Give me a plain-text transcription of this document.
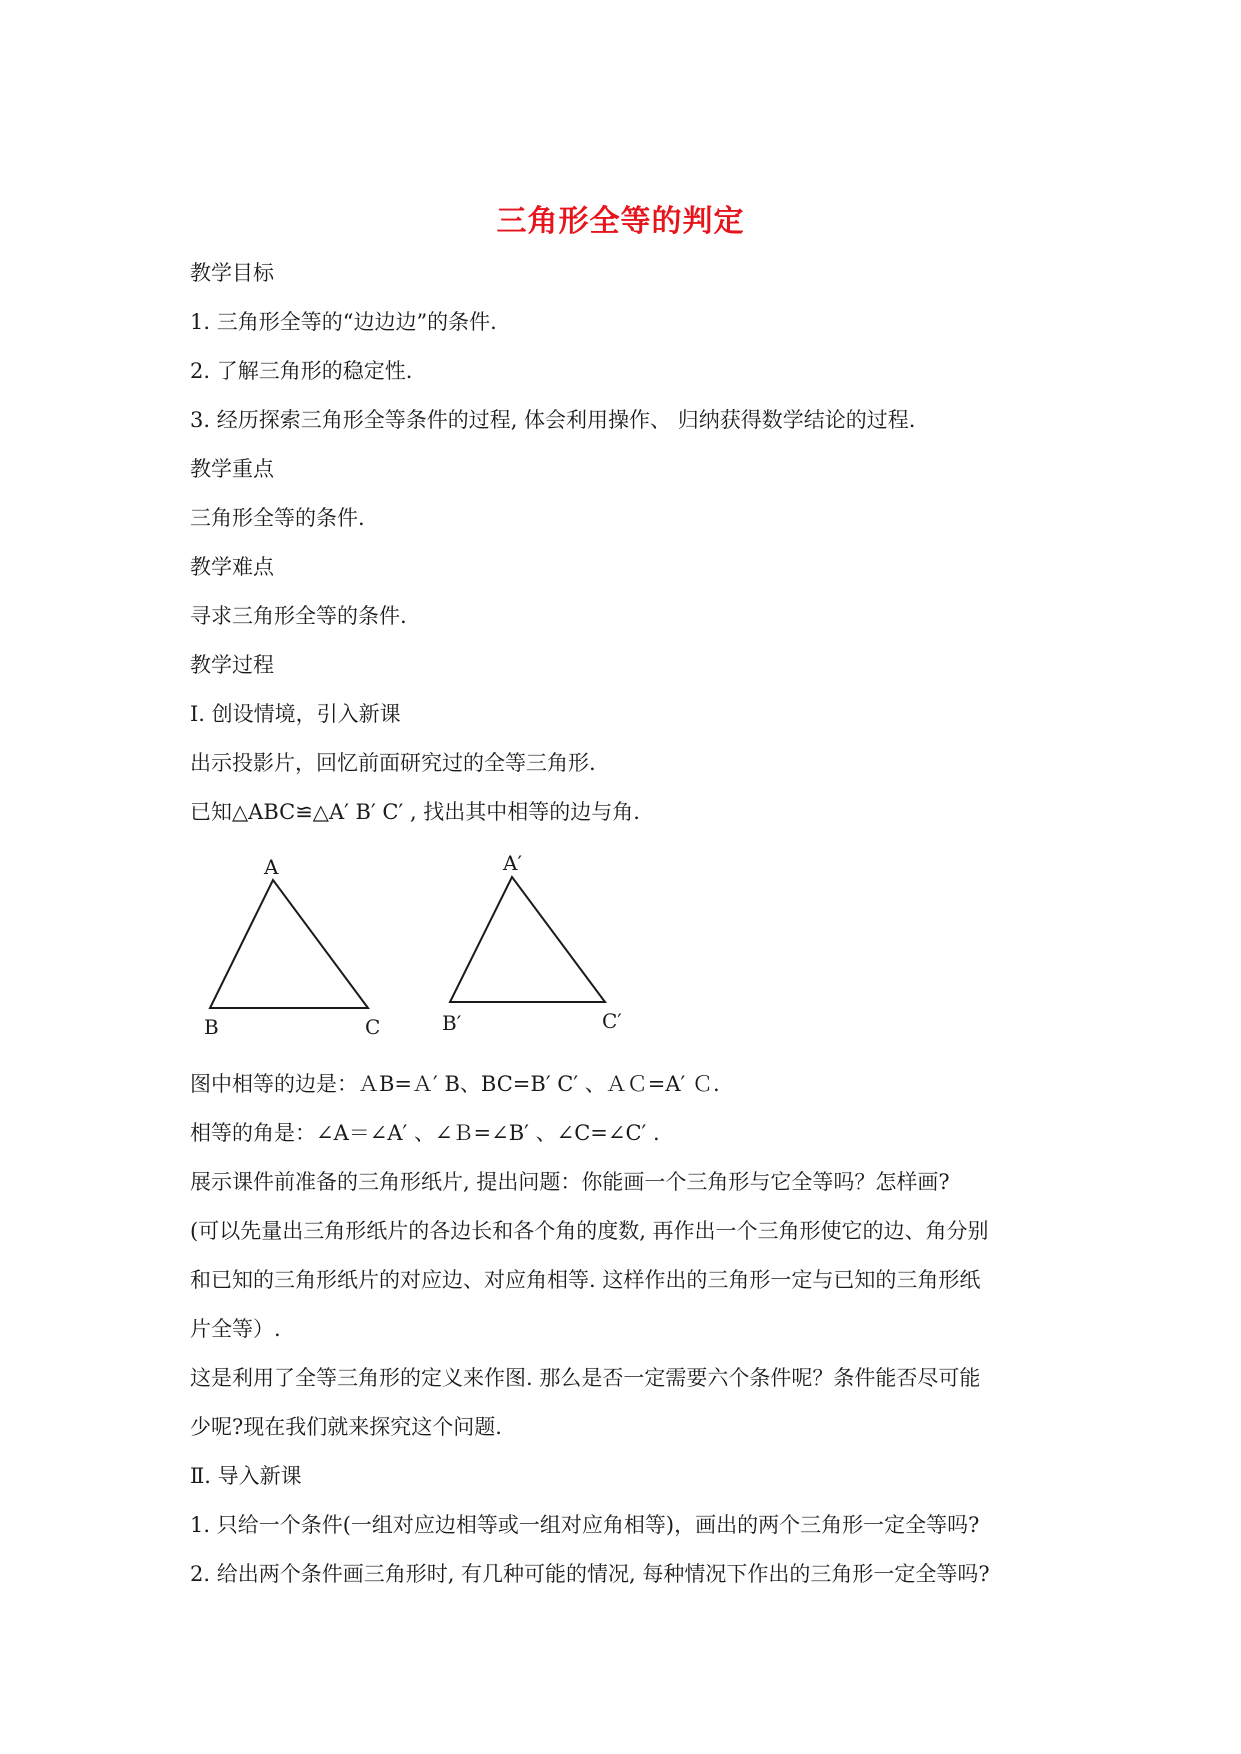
三角形全等的判定
教学目标
1. 三角形全等的“边边边”的条件.
2. 了解三角形的稳定性.
3. 经历探索三角形全等条件的过程, 体会利用操作、 归纳获得数学结论的过程.
教学重点
三角形全等的条件.
教学难点
寻求三角形全等的条件.
教学过程
Ⅰ. 创设情境，引入新课
出示投影片，回忆前面研究过的全等三角形.
已知△ABC≌△A′ B′ C′ , 找出其中相等的边与角.
A
B	C
A′
B′	C′
图中相等的边是：ＡB=Ａ′ B、BC=B′ C′ 、ＡＣ=A′ Ｃ.
相等的角是：∠A＝∠A′ 、∠Ｂ=∠B′ 、∠C=∠C′ .
展示课件前准备的三角形纸片, 提出问题：你能画一个三角形与它全等吗？怎样画?
(可以先量出三角形纸片的各边长和各个角的度数, 再作出一个三角形使它的边、角分别
和已知的三角形纸片的对应边、对应角相等. 这样作出的三角形一定与已知的三角形纸
片全等）.
这是利用了全等三角形的定义来作图. 那么是否一定需要六个条件呢？条件能否尽可能
少呢?现在我们就来探究这个问题.
Ⅱ. 导入新课
1. 只给一个条件(一组对应边相等或一组对应角相等)，画出的两个三角形一定全等吗?
2. 给出两个条件画三角形时, 有几种可能的情况, 每种情况下作出的三角形一定全等吗?
